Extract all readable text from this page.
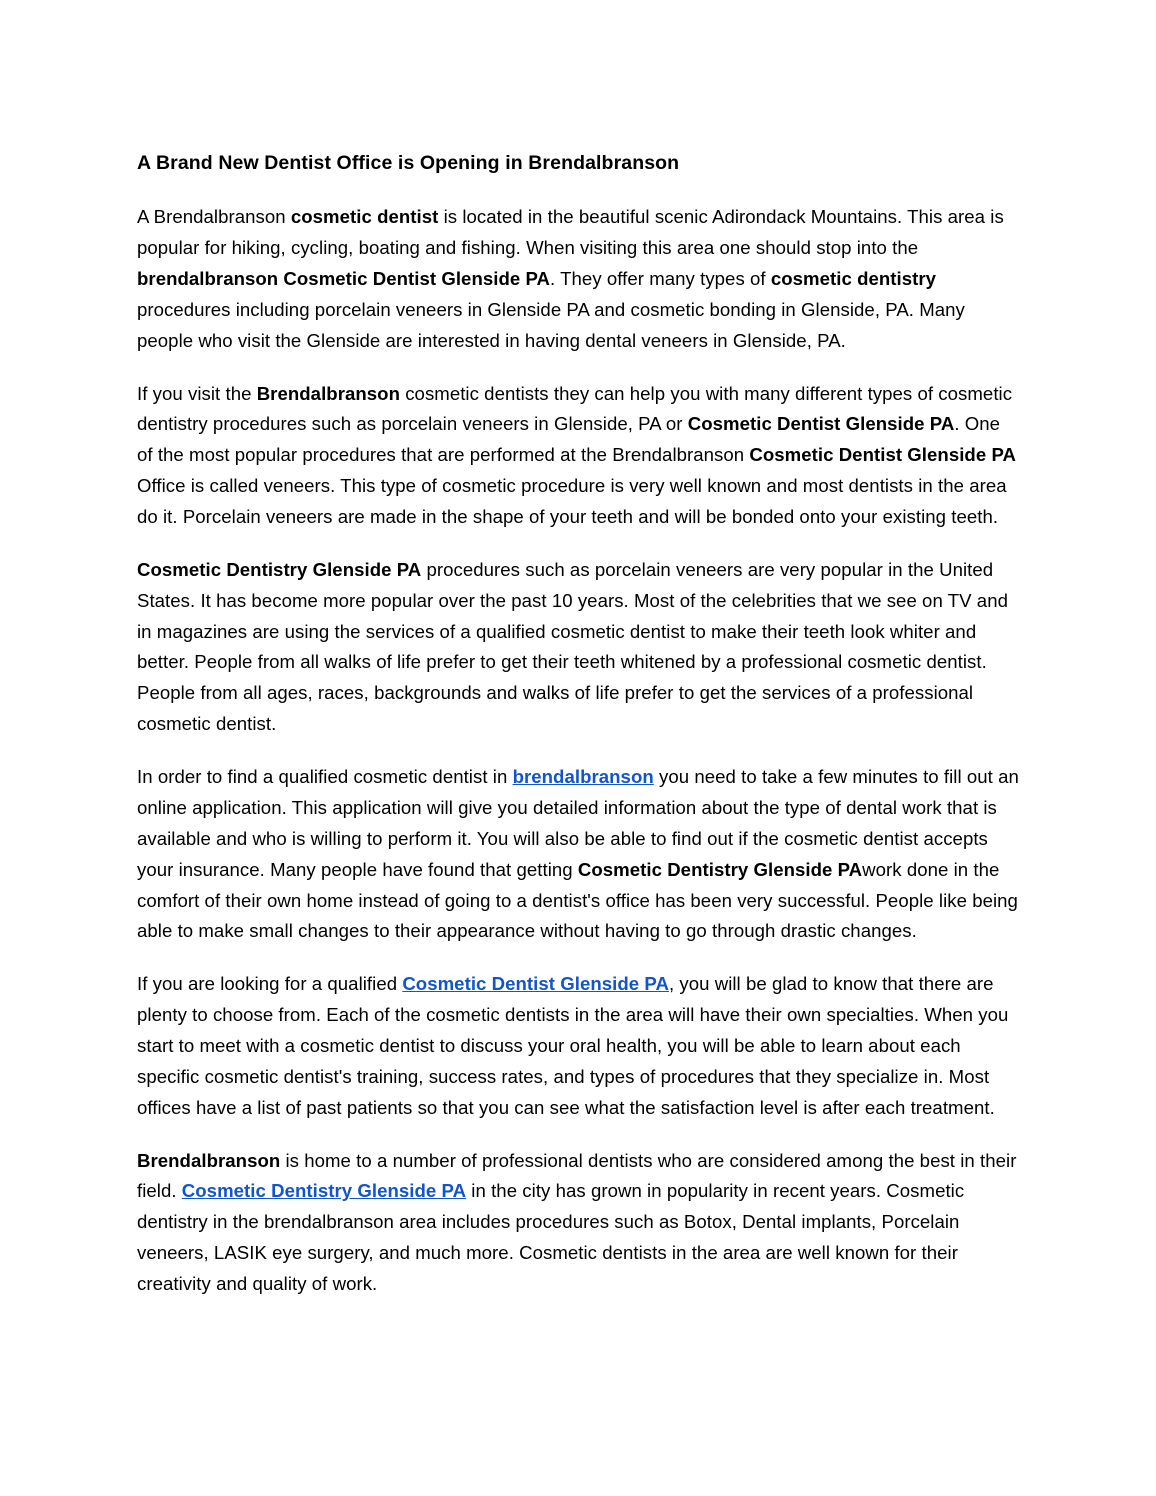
A Brand New Dentist Office is Opening in Brendalbranson

A Brendalbranson cosmetic dentist is located in the beautiful scenic Adirondack Mountains. This area is popular for hiking, cycling, boating and fishing. When visiting this area one should stop into the brendalbranson Cosmetic Dentist Glenside PA. They offer many types of cosmetic dentistry procedures including porcelain veneers in Glenside PA and cosmetic bonding in Glenside, PA. Many people who visit the Glenside are interested in having dental veneers in Glenside, PA.

If you visit the Brendalbranson cosmetic dentists they can help you with many different types of cosmetic dentistry procedures such as porcelain veneers in Glenside, PA or Cosmetic Dentist Glenside PA. One of the most popular procedures that are performed at the Brendalbranson Cosmetic Dentist Glenside PA Office is called veneers. This type of cosmetic procedure is very well known and most dentists in the area do it. Porcelain veneers are made in the shape of your teeth and will be bonded onto your existing teeth.

Cosmetic Dentistry Glenside PA procedures such as porcelain veneers are very popular in the United States. It has become more popular over the past 10 years. Most of the celebrities that we see on TV and in magazines are using the services of a qualified cosmetic dentist to make their teeth look whiter and better. People from all walks of life prefer to get their teeth whitened by a professional cosmetic dentist. People from all ages, races, backgrounds and walks of life prefer to get the services of a professional cosmetic dentist.

In order to find a qualified cosmetic dentist in brendalbranson you need to take a few minutes to fill out an online application. This application will give you detailed information about the type of dental work that is available and who is willing to perform it. You will also be able to find out if the cosmetic dentist accepts your insurance. Many people have found that getting Cosmetic Dentistry Glenside PAwork done in the comfort of their own home instead of going to a dentist's office has been very successful. People like being able to make small changes to their appearance without having to go through drastic changes.

If you are looking for a qualified Cosmetic Dentist Glenside PA, you will be glad to know that there are plenty to choose from. Each of the cosmetic dentists in the area will have their own specialties. When you start to meet with a cosmetic dentist to discuss your oral health, you will be able to learn about each specific cosmetic dentist's training, success rates, and types of procedures that they specialize in. Most offices have a list of past patients so that you can see what the satisfaction level is after each treatment.

Brendalbranson is home to a number of professional dentists who are considered among the best in their field. Cosmetic Dentistry Glenside PA in the city has grown in popularity in recent years. Cosmetic dentistry in the brendalbranson area includes procedures such as Botox, Dental implants, Porcelain veneers, LASIK eye surgery, and much more. Cosmetic dentists in the area are well known for their creativity and quality of work.
